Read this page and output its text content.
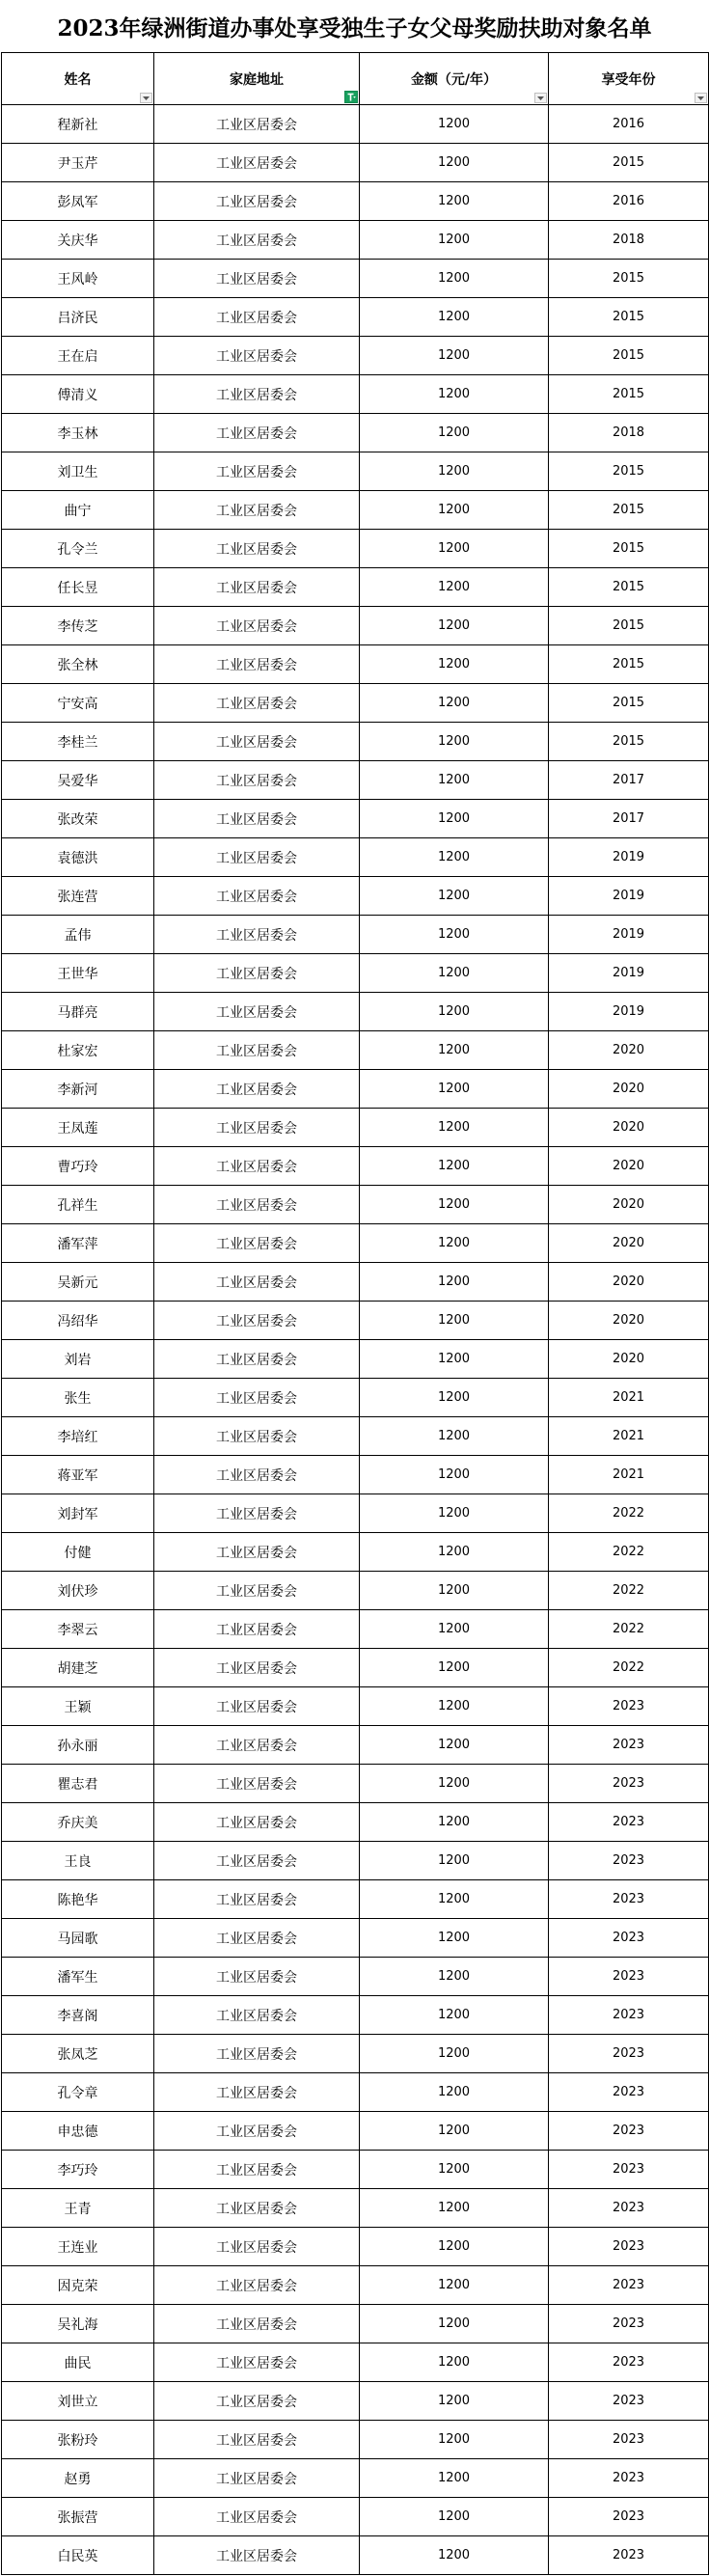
2023年绿洲街道办事处享受独生子女父母奖励扶助对象名单
姓名	家庭地址	金额（元/年）	享受年份

程新社	工业区居委会	1200	2016
尹玉芹	工业区居委会	1200	2015
彭凤军	工业区居委会	1200	2016
关庆华	工业区居委会	1200	2018
王风岭	工业区居委会	1200	2015
吕济民	工业区居委会	1200	2015
王在启	工业区居委会	1200	2015
傅清义	工业区居委会	1200	2015
李玉林	工业区居委会	1200	2018
刘卫生	工业区居委会	1200	2015
曲宁	工业区居委会	1200	2015
孔令兰	工业区居委会	1200	2015
任长昱	工业区居委会	1200	2015
李传芝	工业区居委会	1200	2015
张全林	工业区居委会	1200	2015
宁安高	工业区居委会	1200	2015
李桂兰	工业区居委会	1200	2015
吴爱华	工业区居委会	1200	2017
张改荣	工业区居委会	1200	2017
袁德洪	工业区居委会	1200	2019
张连营	工业区居委会	1200	2019
孟伟	工业区居委会	1200	2019
王世华	工业区居委会	1200	2019
马群亮	工业区居委会	1200	2019
杜家宏	工业区居委会	1200	2020
李新河	工业区居委会	1200	2020
王凤莲	工业区居委会	1200	2020
曹巧玲	工业区居委会	1200	2020
孔祥生	工业区居委会	1200	2020
潘军萍	工业区居委会	1200	2020
吴新元	工业区居委会	1200	2020
冯绍华	工业区居委会	1200	2020
刘岩	工业区居委会	1200	2020
张生	工业区居委会	1200	2021
李培红	工业区居委会	1200	2021
蒋亚军	工业区居委会	1200	2021
刘封军	工业区居委会	1200	2022
付健	工业区居委会	1200	2022
刘伏珍	工业区居委会	1200	2022
李翠云	工业区居委会	1200	2022
胡建芝	工业区居委会	1200	2022
王颖	工业区居委会	1200	2023
孙永丽	工业区居委会	1200	2023
瞿志君	工业区居委会	1200	2023
乔庆美	工业区居委会	1200	2023
王良	工业区居委会	1200	2023
陈艳华	工业区居委会	1200	2023
马园歌	工业区居委会	1200	2023
潘军生	工业区居委会	1200	2023
李喜阁	工业区居委会	1200	2023
张凤芝	工业区居委会	1200	2023
孔令章	工业区居委会	1200	2023
申忠德	工业区居委会	1200	2023
李巧玲	工业区居委会	1200	2023
王青	工业区居委会	1200	2023
王连业	工业区居委会	1200	2023
因克荣	工业区居委会	1200	2023
吴礼海	工业区居委会	1200	2023
曲民	工业区居委会	1200	2023
刘世立	工业区居委会	1200	2023
张粉玲	工业区居委会	1200	2023
赵勇	工业区居委会	1200	2023
张振营	工业区居委会	1200	2023
白民英	工业区居委会	1200	2023
